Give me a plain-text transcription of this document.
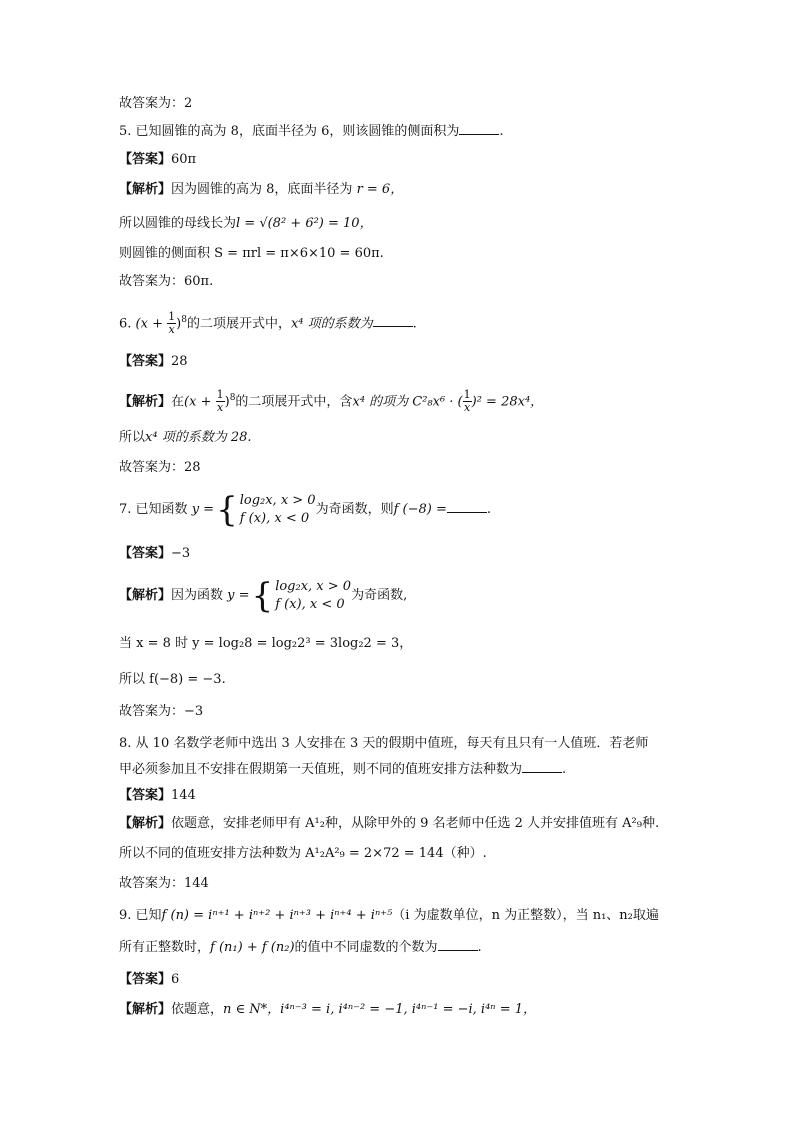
故答案为：2
5. 已知圆锥的高为 8，底面半径为 6，则该圆锥的侧面积为	.
【答案】60π
【解析】因为圆锥的高为 8，底面半径为 r = 6，
所以圆锥的母线长为l = √(8² + 6²) = 10，
则圆锥的侧面积 S = πrl = π×6×10 = 60π.
故答案为：60π.
6. $(x + \frac{1}{x} )^8$的二项展开式中，x⁴ 项的系数为	.
【答案】28
【解析】在$(x + \frac{1}{x} )^8$的二项展开式中，含x⁴ 的项为 C²₈x⁶ · ( $\frac{1}{x} )^2 = 28x^4$，
所以x⁴ 项的系数为 28.
故答案为：28
7. 已知函数 y ={ log₂x, x > 0
f (x), x < 0
为奇函数，则f (−8) =	.
【答案】−3
【解析】因为函数 y ={ log₂x, x > 0
f (x), x < 0
为奇函数,
当 x = 8 时 y = log₂8 = log₂2³ = 3log₂2 = 3，
所以 f(−8) = −3.
故答案为：−3
8. 从 10 名数学老师中选出 3 人安排在 3 天的假期中值班，每天有且只有一人值班．若老师
甲必须参加且不安排在假期第一天值班，则不同的值班安排方法种数为	.
【答案】144
【解析】依题意，安排老师甲有 A¹₂种，从除甲外的 9 名老师中任选 2 人并安排值班有 A²₉种.
所以不同的值班安排方法种数为 A¹₂A²₉ = 2×72 = 144（种）.
故答案为：144
9. 已知f (n) = iⁿ⁺¹ + iⁿ⁺² + iⁿ⁺³ + iⁿ⁺⁴ + iⁿ⁺⁵（i 为虚数单位，n 为正整数），当 n₁、n₂取遍
所有正整数时，f (n₁) + f (n₂)的值中不同虚数的个数为	.
【答案】6
【解析】依题意，n ∈ N*，i⁴ⁿ⁻³ = i, i⁴ⁿ⁻² = −1, i⁴ⁿ⁻¹ = −i, i⁴ⁿ = 1，
